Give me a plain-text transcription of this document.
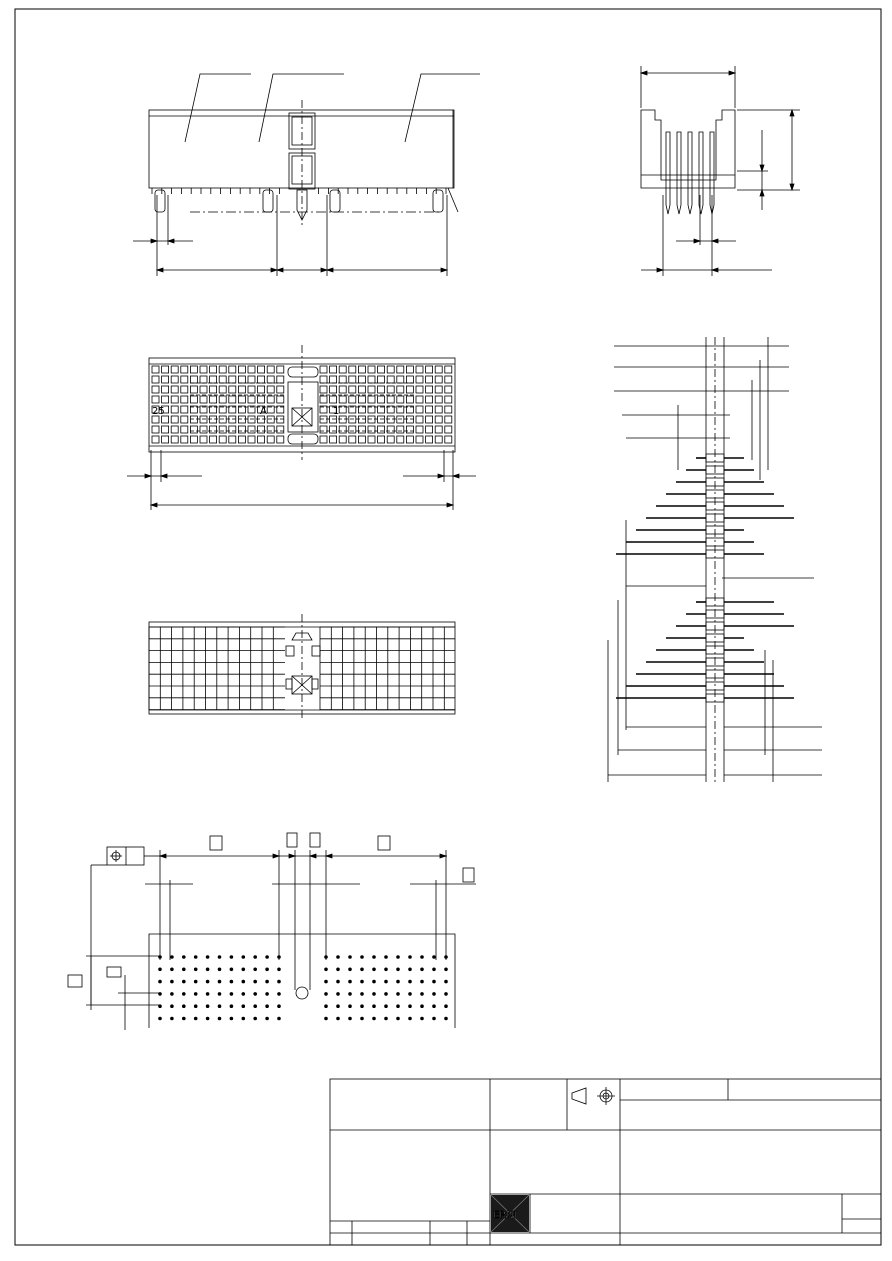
25	A	1
ERNI
